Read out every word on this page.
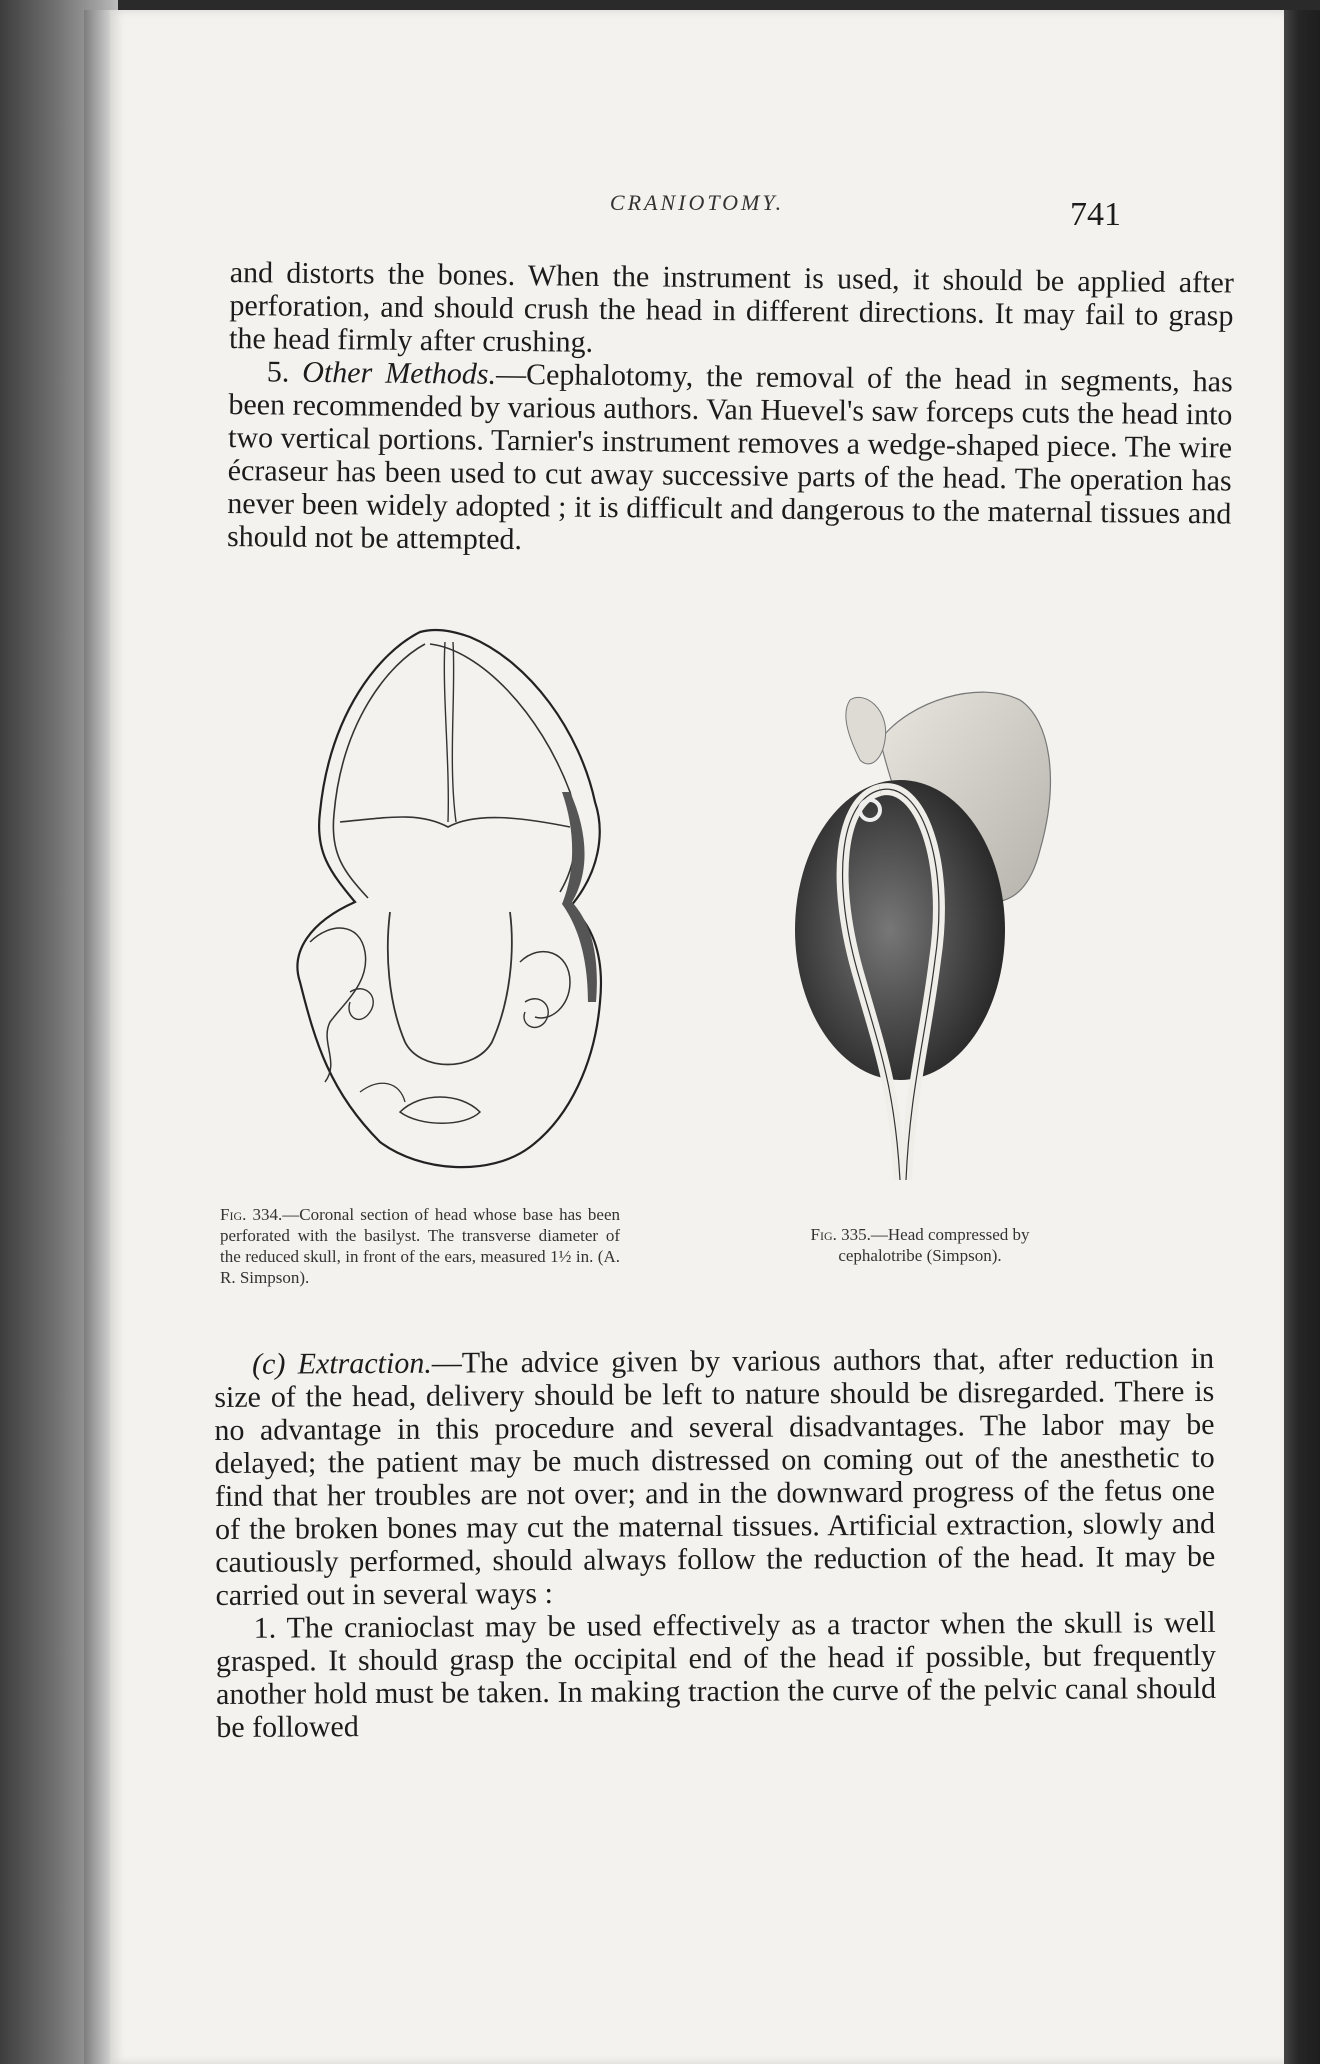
CRANIOTOMY.	741

and distorts the bones. When the instrument is used, it should be applied after perforation, and should crush the head in different directions. It may fail to grasp the head firmly after crushing.

5. Other Methods.—Cephalotomy, the removal of the head in segments, has been recommended by various authors. Van Huevel's saw forceps cuts the head into two vertical portions. Tarnier's instrument removes a wedge-shaped piece. The wire écraseur has been used to cut away successive parts of the head. The operation has never been widely adopted ; it is difficult and dangerous to the maternal tissues and should not be attempted.

Fig. 334.—Coronal section of head whose base has been perforated with the basilyst. The transverse diameter of the reduced skull, in front of the ears, measured 1½ in. (A. R. Simpson).
Fig. 335.—Head compressed by
cephalotribe (Simpson).

(c) Extraction.—The advice given by various authors that, after reduction in size of the head, delivery should be left to nature should be disregarded. There is no advantage in this procedure and several disadvantages. The labor may be delayed; the patient may be much distressed on coming out of the anesthetic to find that her troubles are not over; and in the downward progress of the fetus one of the broken bones may cut the maternal tissues. Artificial extraction, slowly and cautiously performed, should always follow the reduction of the head. It may be carried out in several ways :

1. The cranioclast may be used effectively as a tractor when the skull is well grasped. It should grasp the occipital end of the head if possible, but frequently another hold must be taken. In making traction the curve of the pelvic canal should be followed
